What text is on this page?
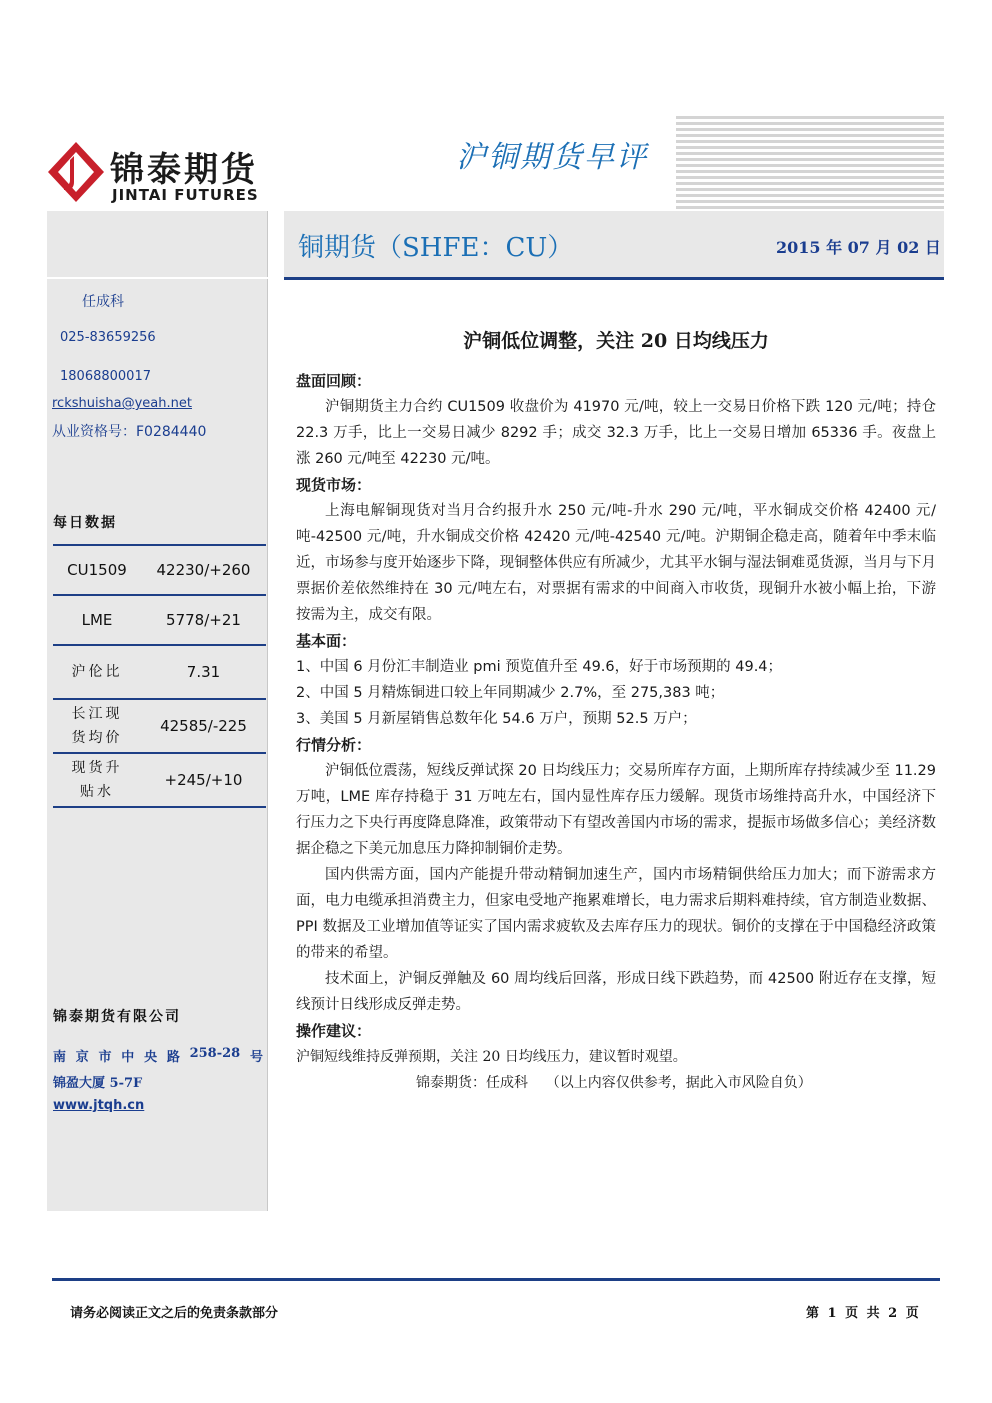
锦泰期货
JINTAI FUTURES
沪铜期货早评
任成科
025-83659256
18068800017
rckshuisha@yeah.net
从业资格号：F0284440
每日数据
CU1509	42230/+260
LME	5778/+21
沪伦比	7.31

长江现货均价	42585/-225

现货升贴水	+245/+10
锦泰期货有限公司
南 京 市 中 央 路 258-28 号
锦盈大厦 5-7F
www.jtqh.cn
铜期货（SHFE：CU）	2015 年 07 月 02 日
沪铜低位调整，关注 20 日均线压力
盘面回顾：

沪铜期货主力合约 CU1509 收盘价为 41970 元/吨，较上一交易日价格下跌 120 元/吨；持仓 22.3 万手，比上一交易日减少 8292 手；成交 32.3 万手，比上一交易日增加 65336 手。夜盘上涨 260 元/吨至 42230 元/吨。

现货市场：

上海电解铜现货对当月合约报升水 250 元/吨-升水 290 元/吨，平水铜成交价格 42400 元/吨-42500 元/吨，升水铜成交价格 42420 元/吨-42540 元/吨。沪期铜企稳走高，随着年中季末临近，市场参与度开始逐步下降，现铜整体供应有所减少，尤其平水铜与湿法铜难觅货源，当月与下月票据价差依然维持在 30 元/吨左右，对票据有需求的中间商入市收货，现铜升水被小幅上抬，下游按需为主，成交有限。

基本面：
1、中国 6 月份汇丰制造业 pmi 预览值升至 49.6，好于市场预期的 49.4；
2、中国 5 月精炼铜进口较上年同期减少 2.7%，至 275,383 吨；
3、美国 5 月新屋销售总数年化 54.6 万户，预期 52.5 万户；
行情分析：

沪铜低位震荡，短线反弹试探 20 日均线压力；交易所库存方面，上期所库存持续减少至 11.29 万吨，LME 库存持稳于 31 万吨左右，国内显性库存压力缓解。现货市场维持高升水，中国经济下行压力之下央行再度降息降准，政策带动下有望改善国内市场的需求，提振市场做多信心；美经济数据企稳之下美元加息压力降抑制铜价走势。

国内供需方面，国内产能提升带动精铜加速生产，国内市场精铜供给压力加大；而下游需求方面，电力电缆承担消费主力，但家电受地产拖累难增长，电力需求后期料难持续，官方制造业数据、PPI 数据及工业增加值等证实了国内需求疲软及去库存压力的现状。铜价的支撑在于中国稳经济政策的带来的希望。

技术面上，沪铜反弹触及 60 周均线后回落，形成日线下跌趋势，而 42500 附近存在支撑，短线预计日线形成反弹走势。

操作建议：
沪铜短线维持反弹预期，关注 20 日均线压力，建议暂时观望。
锦泰期货：任成科    （以上内容仅供参考，据此入市风险自负）
请务必阅读正文之后的免责条款部分	第 1 页 共 2 页
